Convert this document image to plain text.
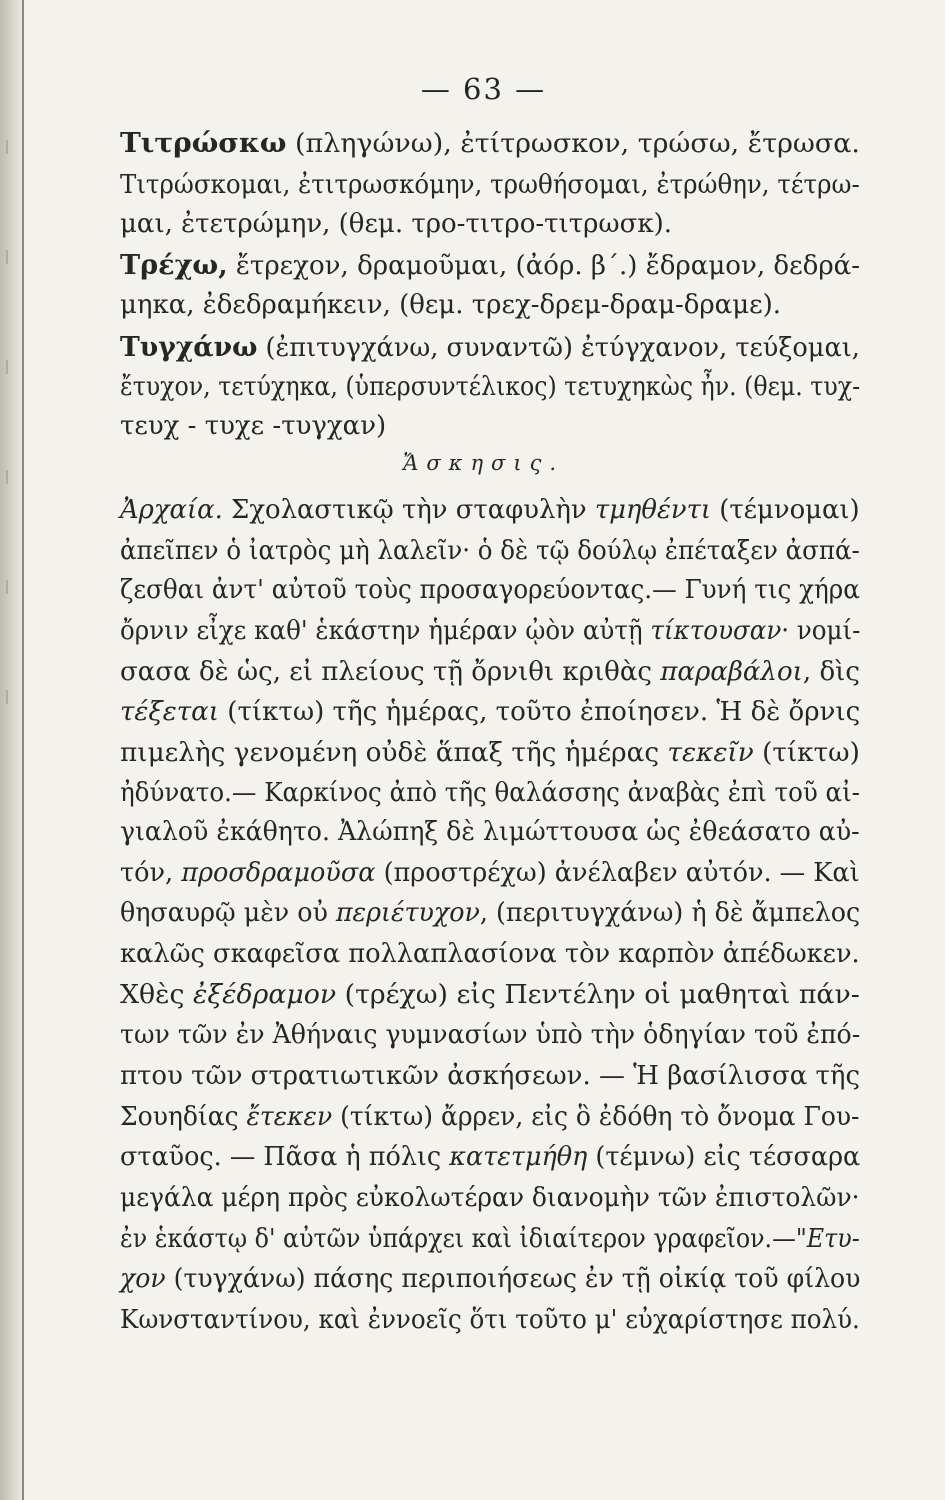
— 63 —
Τιτρώσκω (πληγώνω), ἐτίτρωσκον, τρώσω, ἔτρωσα.
Τιτρώσκομαι, ἐτιτρωσκόμην, τρωθήσομαι, ἐτρώθην, τέτρω-
μαι, ἐτετρώμην, (θεμ. τρο-τιτρο-τιτρωσκ).
Τρέχω, ἔτρεχον, δραμοῦμαι, (ἀόρ. β΄.) ἔδραμον, δεδρά-
μηκα, ἐδεδραμήκειν, (θεμ. τρεχ-δρεμ-δραμ-δραμε).
Τυγχάνω (ἐπιτυγχάνω, συναντῶ) ἐτύγχανον, τεύξομαι,
ἔτυχον, τετύχηκα, (ὑπερσυντέλικος) τετυχηκὼς ἦν. (θεμ. τυχ-
τευχ - τυχε -τυγχαν)
Ἄσκησις.
Ἀρχαία. Σχολαστικῷ τὴν σταφυλὴν τμηθέντι (τέμνομαι)
ἀπεῖπεν ὁ ἰατρὸς μὴ λαλεῖν· ὁ δὲ τῷ δούλῳ ἐπέταξεν ἀσπά-
ζεσθαι ἀντ' αὐτοῦ τοὺς προσαγορεύοντας.— Γυνή τις χήρα
ὄρνιν εἶχε καθ' ἑκάστην ἡμέραν ᾠὸν αὐτῇ τίκτουσαν· νομί-
σασα δὲ ὡς, εἰ πλείους τῇ ὄρνιθι κριθὰς παραβάλοι, δὶς
τέξεται (τίκτω) τῆς ἡμέρας, τοῦτο ἐποίησεν. Ἡ δὲ ὄρνις
πιμελὴς γενομένη οὐδὲ ἅπαξ τῆς ἡμέρας τεκεῖν (τίκτω)
ἠδύνατο.— Καρκίνος ἀπὸ τῆς θαλάσσης ἀναβὰς ἐπὶ τοῦ αἰ-
γιαλοῦ ἐκάθητο. Ἀλώπηξ δὲ λιμώττουσα ὡς ἐθεάσατο αὐ-
τόν, προσδραμοῦσα (προστρέχω) ἀνέλαβεν αὐτόν. — Καὶ
θησαυρῷ μὲν οὐ περιέτυχον, (περιτυγχάνω) ἡ δὲ ἄμπελος
καλῶς σκαφεῖσα πολλαπλασίονα τὸν καρπὸν ἀπέδωκεν.
Χθὲς ἐξέδραμον (τρέχω) εἰς Πεντέλην οἱ μαθηταὶ πάν-
των τῶν ἐν Ἀθήναις γυμνασίων ὑπὸ τὴν ὁδηγίαν τοῦ ἐπό-
πτου τῶν στρατιωτικῶν ἀσκήσεων. — Ἡ βασίλισσα τῆς
Σουηδίας ἔτεκεν (τίκτω) ἄρρεν, εἰς ὃ ἐδόθη τὸ ὄνομα Γου-
σταῦος. — Πᾶσα ἡ πόλις κατετμήθη (τέμνω) εἰς τέσσαρα
μεγάλα μέρη πρὸς εὐκολωτέραν διανομὴν τῶν ἐπιστολῶν·
ἐν ἑκάστῳ δ' αὐτῶν ὑπάρχει καὶ ἰδιαίτερον γραφεῖον.—"Ετυ-
χον (τυγχάνω) πάσης περιποιήσεως ἐν τῇ οἰκίᾳ τοῦ φίλου
Κωνσταντίνου, καὶ ἐννοεῖς ὅτι τοῦτο μ' εὐχαρίστησε πολύ.
